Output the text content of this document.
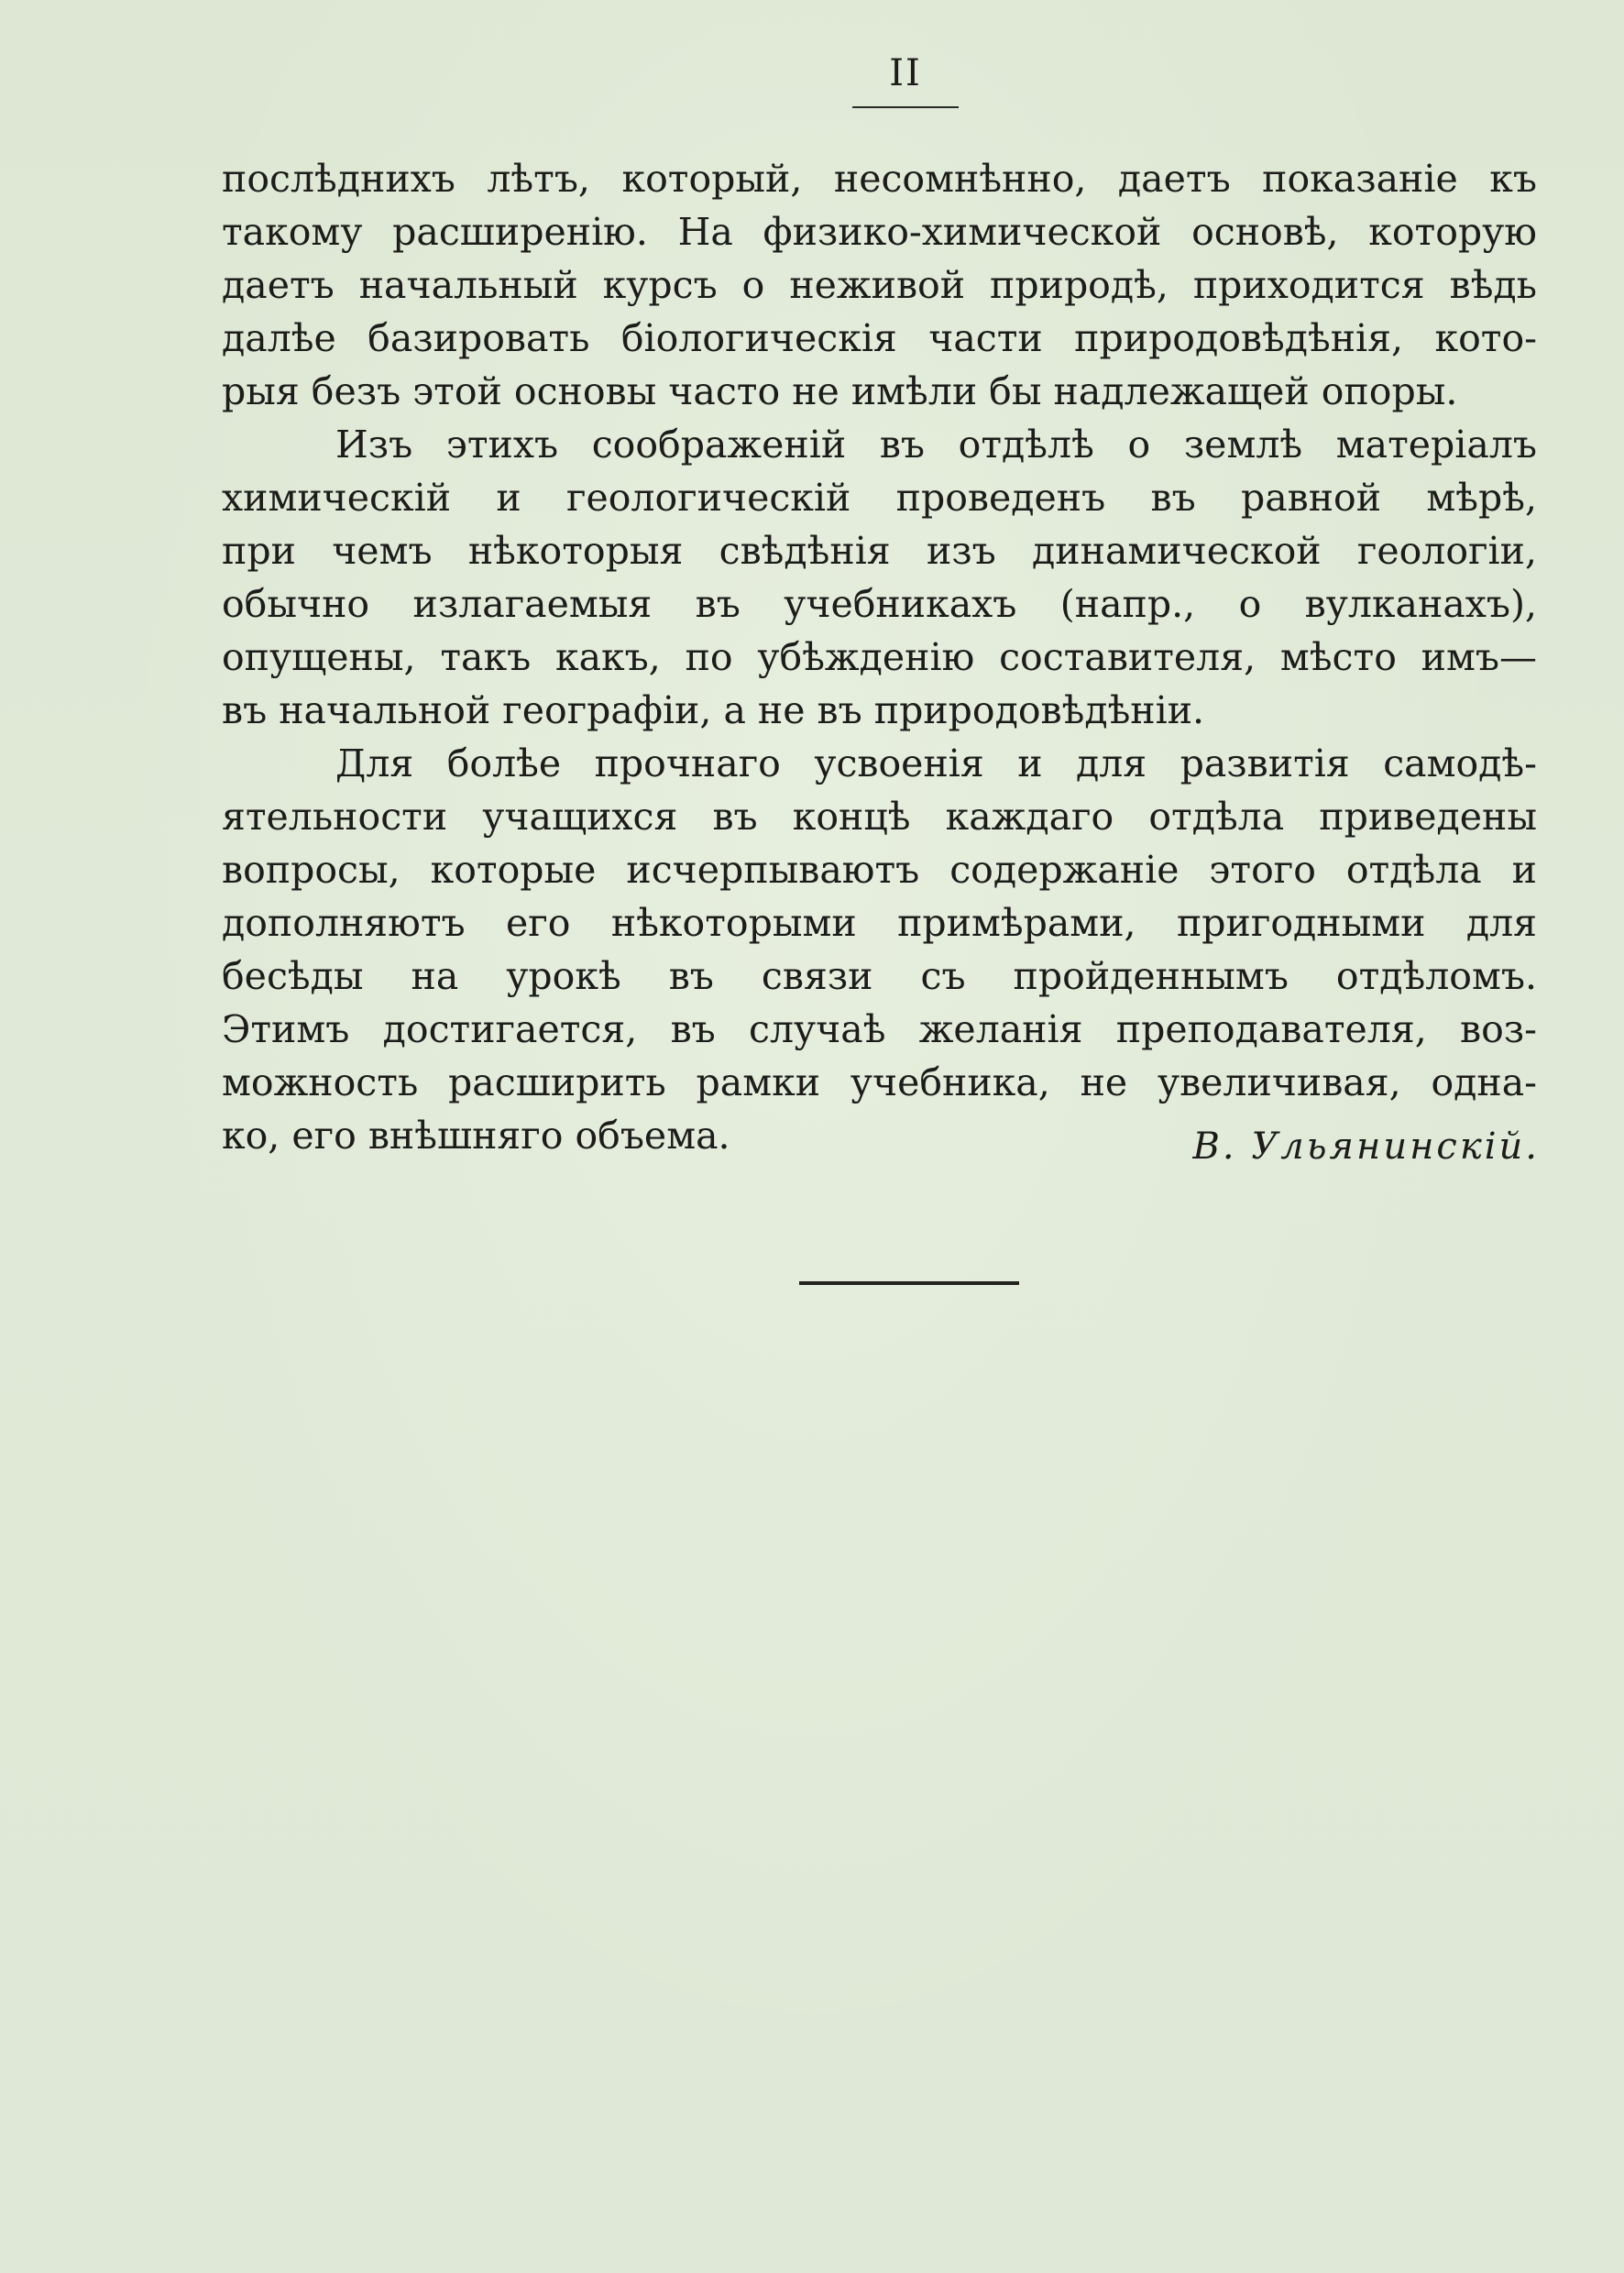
II
послѣднихъ лѣтъ, который, несомнѣнно, даетъ показаніе къ
такому расширенію. На физико-химической основѣ, которую
даетъ начальный курсъ о неживой природѣ, приходится вѣдь
далѣе базировать біологическія части природовѣдѣнія, кото-
рыя безъ этой основы часто не имѣли бы надлежащей опоры.
Изъ этихъ соображеній въ отдѣлѣ о землѣ матеріалъ
химическій и геологическій проведенъ въ равной мѣрѣ,
при чемъ нѣкоторыя свѣдѣнія изъ динамической геологіи,
обычно излагаемыя въ учебникахъ (напр., о вулканахъ),
опущены, такъ какъ, по убѣжденію составителя, мѣсто имъ—
въ начальной географіи, а не въ природовѣдѣніи.
Для болѣе прочнаго усвоенія и для развитія самодѣ-
ятельности учащихся въ концѣ каждаго отдѣла приведены
вопросы, которые исчерпываютъ содержаніе этого отдѣла и
дополняютъ его нѣкоторыми примѣрами, пригодными для
бесѣды на урокѣ въ связи съ пройденнымъ отдѣломъ.
Этимъ достигается, въ случаѣ желанія преподавателя, воз-
можность расширить рамки учебника, не увеличивая, одна-
ко, его внѣшняго объема.	В. Ульянинскій.
